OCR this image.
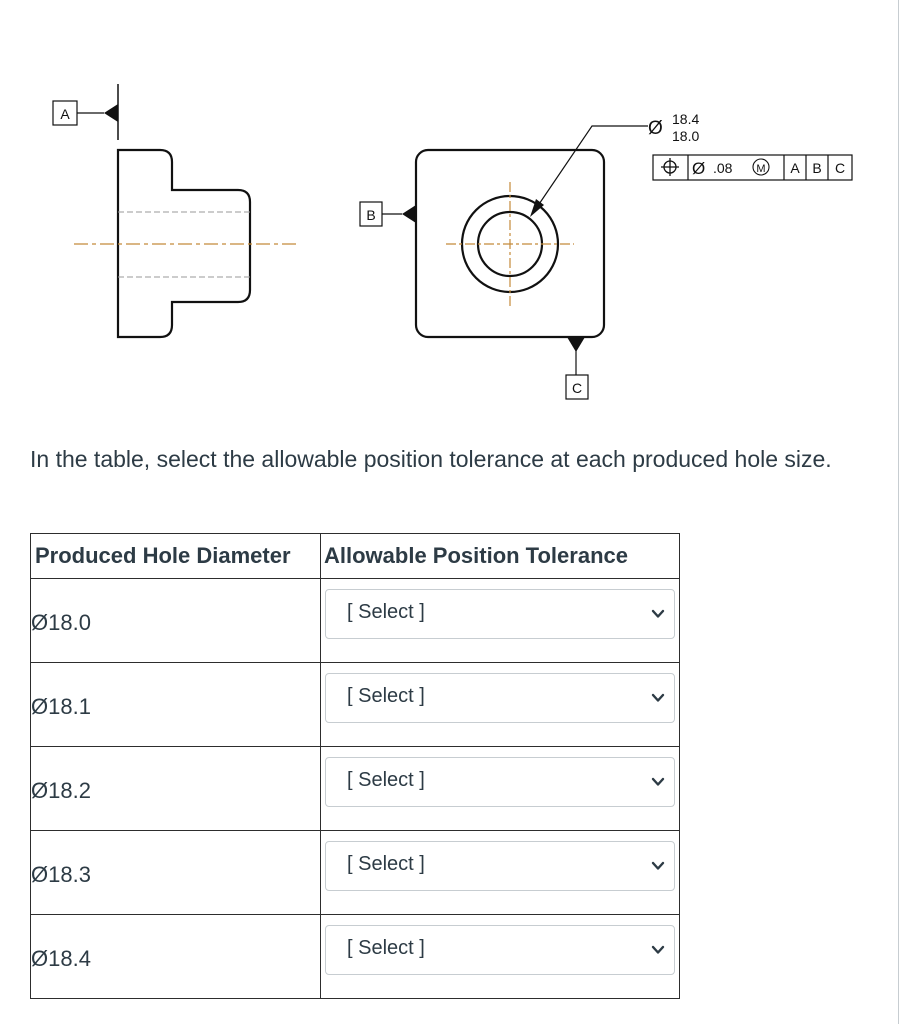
A
B
Ø 18.4
18.0
Ø .08 M A B C
C
In the table, select the allowable position tolerance at each produced hole size.
Produced Hole Diameter	Allowable Position Tolerance
Ø18.0	[ Select ]

Ø18.1	[ Select ]

Ø18.2	[ Select ]

Ø18.3	[ Select ]

Ø18.4	[ Select ]
